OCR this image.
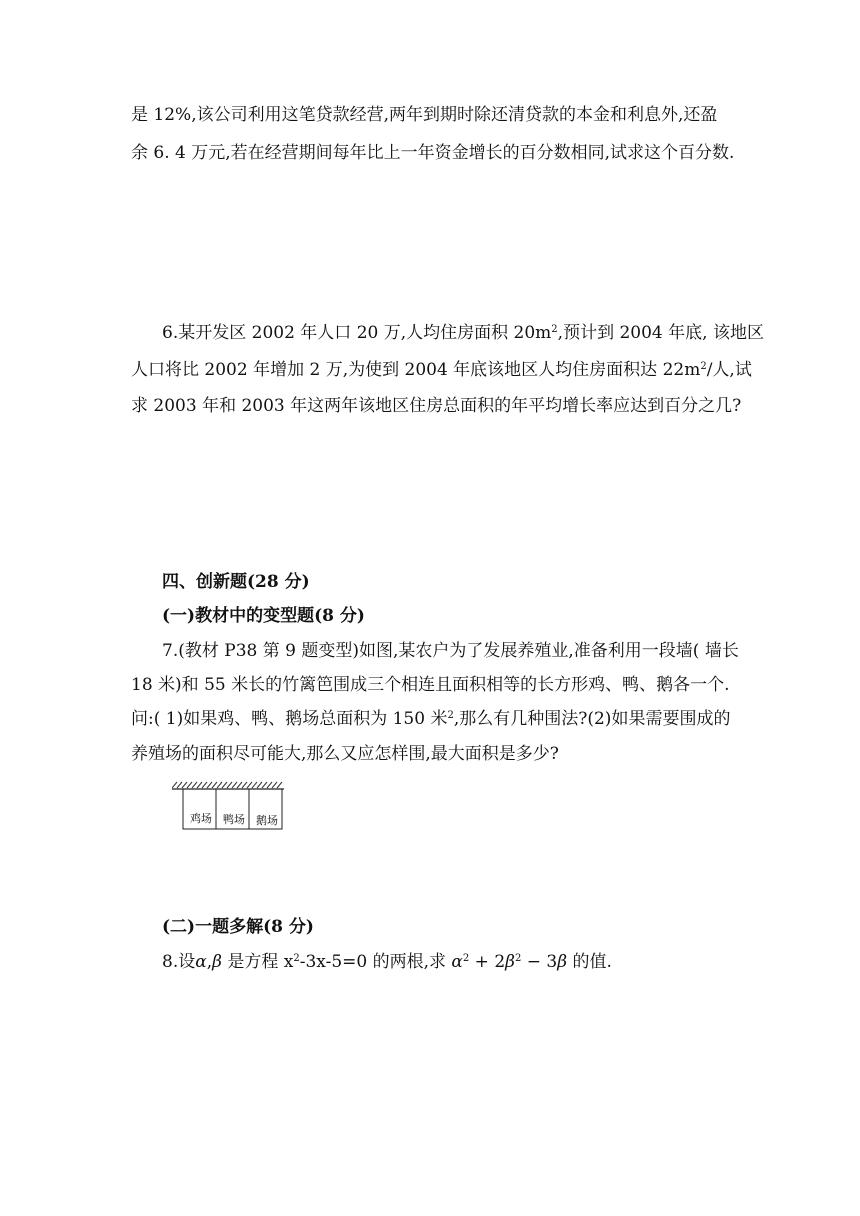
是 12%,该公司利用这笔贷款经营,两年到期时除还清贷款的本金和利息外,还盈
余 6. 4 万元,若在经营期间每年比上一年资金增长的百分数相同,试求这个百分数.
6.某开发区 2002 年人口 20 万,人均住房面积 $20m^2$,预计到 2004 年底, 该地区
人口将比 2002 年增加 2 万,为使到 2004 年底该地区人均住房面积达 $22m^2/$人,试
求 2003 年和 2003 年这两年该地区住房总面积的年平均增长率应达到百分之几?
四、创新题(28 分)
(一)教材中的变型题(8 分)
7.(教材 P38 第 9 题变型)如图,某农户为了发展养殖业,准备利用一段墙( 墙长
18 米)和 55 米长的竹篱笆围成三个相连且面积相等的长方形鸡、鸭、鹅各一个.
问:( 1)如果鸡、鸭、鹅场总面积为 150 米$^2$,那么有几种围法?(2)如果需要围成的
养殖场的面积尽可能大,那么又应怎样围,最大面积是多少?
鸡场 鸭场 鹅场
(二)一题多解(8 分)
8.设α,β 是方程 $x^2-3x-5=0$ 的两根,求 $\alpha^2 + 2\beta^2 - 3\beta$ 的值.
